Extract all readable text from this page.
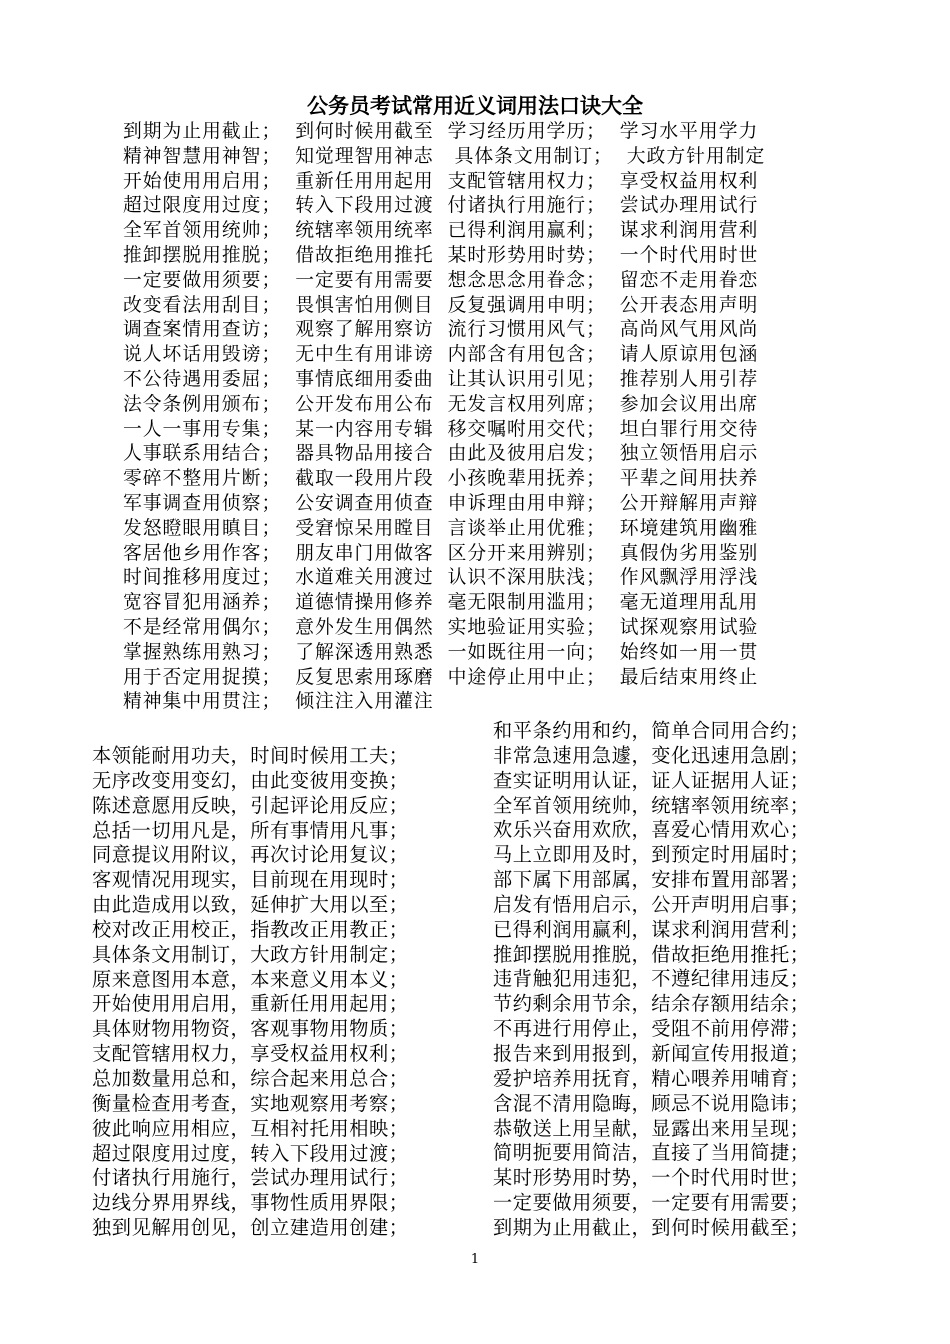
公务员考试常用近义词用法口诀大全
到期为止用截止；  到何时候用截至  学习经历用学历；  学习水平用学力
精神智慧用神智；  知觉理智用神志   具体条文用制订；  大政方针用制定
开始使用用启用；  重新任用用起用  支配管辖用权力；  享受权益用权利
超过限度用过度；  转入下段用过渡  付诸执行用施行；  尝试办理用试行
全军首领用统帅；  统辖率领用统率  已得利润用赢利；  谋求利润用营利
推卸摆脱用推脱；  借故拒绝用推托  某时形势用时势；  一个时代用时世
一定要做用须要；  一定要有用需要  想念思念用眷念；  留恋不走用眷恋
改变看法用刮目；  畏惧害怕用侧目  反复强调用申明；  公开表态用声明
调查案情用查访；  观察了解用察访  流行习惯用风气；  高尚风气用风尚
说人坏话用毁谤；  无中生有用诽谤  内部含有用包含；  请人原谅用包涵
不公待遇用委屈；  事情底细用委曲  让其认识用引见；  推荐别人用引荐
法令条例用颁布；  公开发布用公布  无发言权用列席；  参加会议用出席
一人一事用专集；  某一内容用专辑  移交嘱咐用交代；  坦白罪行用交待
人事联系用结合；  器具物品用接合  由此及彼用启发；  独立领悟用启示
零碎不整用片断；  截取一段用片段  小孩晚辈用抚养；  平辈之间用扶养
军事调查用侦察；  公安调查用侦查  申诉理由用申辩；  公开辩解用声辩
发怒瞪眼用瞋目；  受窘惊呆用瞠目  言谈举止用优雅；  环境建筑用幽雅
客居他乡用作客；  朋友串门用做客  区分开来用辨别；  真假伪劣用鉴别
时间推移用度过；  水道难关用渡过  认识不深用肤浅；  作风飘浮用浮浅
宽容冒犯用涵养；  道德情操用修养  毫无限制用滥用；  毫无道理用乱用
不是经常用偶尔；  意外发生用偶然  实地验证用实验；  试探观察用试验
掌握熟练用熟习；  了解深透用熟悉  一如既往用一向；  始终如一用一贯
用于否定用捉摸；  反复思索用琢磨  中途停止用中止；  最后结束用终止
精神集中用贯注；  倾注注入用灌注
本领能耐用功夫，时间时候用工夫；
无序改变用变幻，由此变彼用变换；
陈述意愿用反映，引起评论用反应；
总括一切用凡是，所有事情用凡事；
同意提议用附议，再次讨论用复议；
客观情况用现实，目前现在用现时；
由此造成用以致，延伸扩大用以至；
校对改正用校正，指教改正用教正；
具体条文用制订，大政方针用制定；
原来意图用本意，本来意义用本义；
开始使用用启用，重新任用用起用；
具体财物用物资，客观事物用物质；
支配管辖用权力，享受权益用权利；
总加数量用总和，综合起来用总合；
衡量检查用考查，实地观察用考察；
彼此响应用相应，互相衬托用相映；
超过限度用过度，转入下段用过渡；
付诸执行用施行，尝试办理用试行；
边线分界用界线，事物性质用界限；
独到见解用创见，创立建造用创建；
和平条约用和约，简单合同用合约；
非常急速用急遽，变化迅速用急剧；
查实证明用认证，证人证据用人证；
全军首领用统帅，统辖率领用统率；
欢乐兴奋用欢欣，喜爱心情用欢心；
马上立即用及时，到预定时用届时；
部下属下用部属，安排布置用部署；
启发有悟用启示，公开声明用启事；
已得利润用赢利，谋求利润用营利；
推卸摆脱用推脱，借故拒绝用推托；
违背触犯用违犯，不遵纪律用违反；
节约剩余用节余，结余存额用结余；
不再进行用停止，受阻不前用停滞；
报告来到用报到，新闻宣传用报道；
爱护培养用抚育，精心喂养用哺育；
含混不清用隐晦，顾忌不说用隐讳；
恭敬送上用呈献，显露出来用呈现；
简明扼要用简洁，直接了当用简捷；
某时形势用时势，一个时代用时世；
一定要做用须要，一定要有用需要；
到期为止用截止，到何时候用截至；
1
